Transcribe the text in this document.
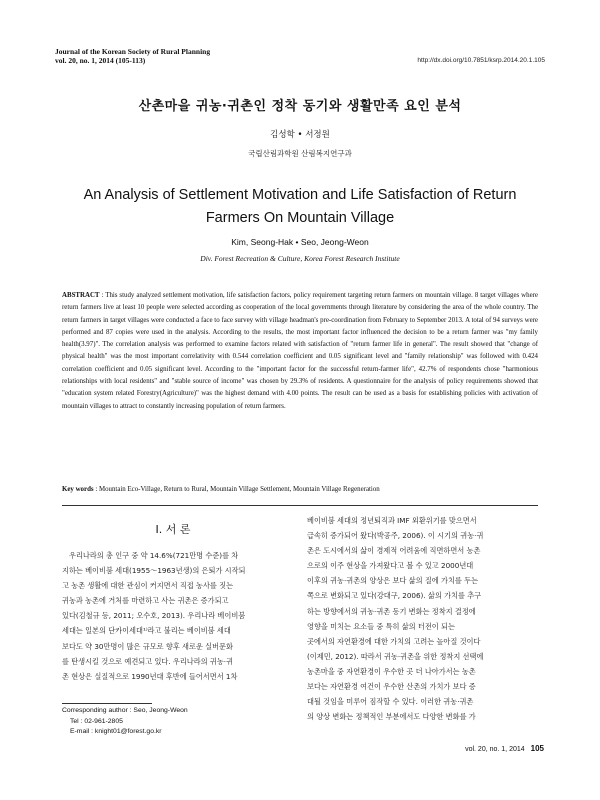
Journal of the Korean Society of Rural Planning
vol. 20, no. 1, 2014 (105-113)	http://dx.doi.org/10.7851/ksrp.2014.20.1.105
산촌마을 귀농·귀촌인 정착 동기와 생활만족 요인 분석
김성학 • 서정원
국립산림과학원 산림복지연구과
An Analysis of Settlement Motivation and Life Satisfaction of Return
Farmers On Mountain Village
Kim, Seong-Hak • Seo, Jeong-Weon
Div. Forest Recreation & Culture, Korea Forest Research Institute
ABSTRACT : This study analyzed settlement motivation, life satisfaction factors, policy requirement targeting return farmers on mountain village. 8 target villages where return farmers live at least 10 people were selected according as cooperation of the local governments through literature by considering the area of the whole country. The return farmers in target villages were conducted a face to face survey with village headman's pre-coordination from February to September 2013. A total of 94 surveys were performed and 87 copies were used in the analysis. According to the results, the most important factor influenced the decision to be a return farmer was "my family health(3.97)". The correlation analysis was performed to examine factors related with satisfaction of "return farmer life in general". The result showed that "change of physical health" was the most important correlativity with 0.544 correlation coefficient and 0.05 significant level and "family relationship" was followed with 0.424 correlation coefficient and 0.05 significant level. According to the "important factor for the successful return-farmer life", 42.7% of respondents chose "harmonious relationships with local residents" and "stable source of income" was chosen by 29.3% of residents. A questionnaire for the analysis of policy requirements showed that "education system related Forestry(Agriculture)" was the highest demand with 4.00 points. The result can be used as a basis for establishing policies with activation of mountain villages to attract to constantly increasing population of return farmers.
Key words : Mountain Eco-Village, Return to Rural, Mountain Village Settlement, Mountain Village Regeneration
Ⅰ. 서 론
우리나라의 총 인구 중 약 14.6%(721만명 수준)를 차
지하는 베이비붐 세대(1955～1963년생)의 은퇴가 시작되
고 농촌 생활에 대한 관심이 커지면서 직접 농사를 짓는
귀농과 농촌에 거처를 마련하고 사는 귀촌은 증가되고
있다(김철규 등, 2011; 오수호, 2013). 우리나라 베이비붐
세대는 일본의 단카이세대¹⁾라고 불리는 베이비붐 세대
보다도 약 30만명이 많은 규모로 향후 새로운 실버문화
를 탄생시킬 것으로 예견되고 있다. 우리나라의 귀농·귀
촌 현상은 실질적으로 1990년대 후반에 들어서면서 1차
베이비붐 세대의 정년퇴직과 IMF 외환위기를 맞으면서
급속히 증가되어 왔다(박공주, 2006). 이 시기의 귀농·귀
촌은 도시에서의 삶이 경제적 어려움에 직면하면서 농촌
으로의 이주 현상을 가져왔다고 볼 수 있고 2000년대
이후의 귀농·귀촌의 양상은 보다 삶의 질에 가치를 두는
쪽으로 변화되고 있다(강대구, 2006). 삶의 가치를 추구
하는 방향에서의 귀농·귀촌 동기 변화는 정착지 결정에
영향을 미치는 요소들 중 특히 삶의 터전이 되는
곳에서의 자연환경에 대한 가치의 고려는 높아질 것이다
(이제민, 2012). 따라서 귀농·귀촌을 위한 정착지 선택에
농촌마을 중 자연환경이 우수한 곳 더 나아가서는 농촌
보다는 자연환경 여건이 우수한 산촌의 가치가 보다 증
대될 것임을 미루어 짐작할 수 있다. 이러한 귀농·귀촌
의 양상 변화는 정책적인 부분에서도 다양한 변화를 가
Corresponding author : Seo, Jeong-Weon
Tel : 02-961-2805
E-mail : knight01@forest.go.kr
vol. 20, no. 1, 2014 105
